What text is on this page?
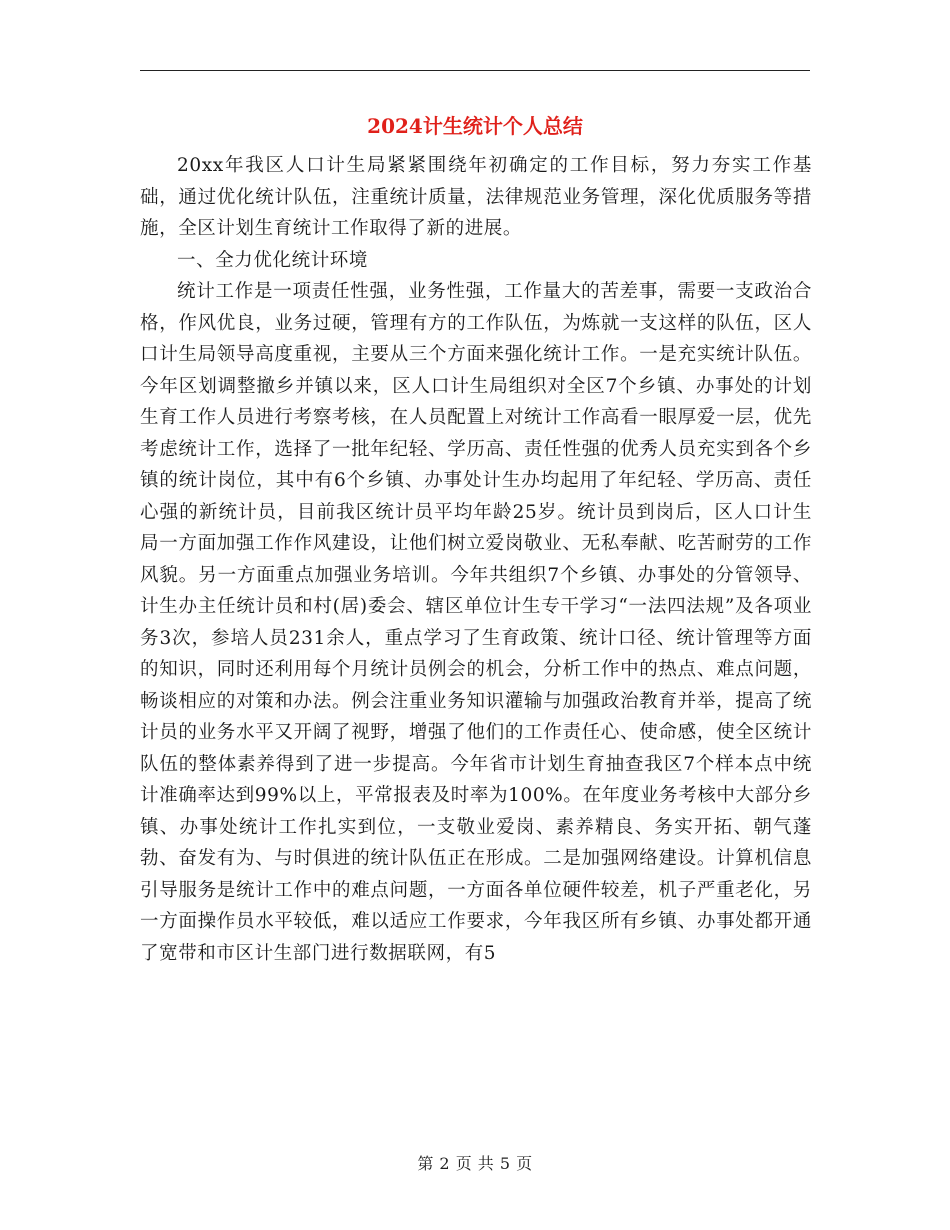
2024计生统计个人总结

20xx年我区人口计生局紧紧围绕年初确定的工作目标，努力夯实工作基础，通过优化统计队伍，注重统计质量，法律规范业务管理，深化优质服务等措施，全区计划生育统计工作取得了新的进展。

一、全力优化统计环境

统计工作是一项责任性强，业务性强，工作量大的苦差事，需要一支政治合格，作风优良，业务过硬，管理有方的工作队伍，为炼就一支这样的队伍，区人口计生局领导高度重视，主要从三个方面来强化统计工作。一是充实统计队伍。今年区划调整撤乡并镇以来，区人口计生局组织对全区7个乡镇、办事处的计划生育工作人员进行考察考核，在人员配置上对统计工作高看一眼厚爱一层，优先考虑统计工作，选择了一批年纪轻、学历高、责任性强的优秀人员充实到各个乡镇的统计岗位，其中有6个乡镇、办事处计生办均起用了年纪轻、学历高、责任心强的新统计员，目前我区统计员平均年龄25岁。统计员到岗后，区人口计生局一方面加强工作作风建设，让他们树立爱岗敬业、无私奉献、吃苦耐劳的工作风貌。另一方面重点加强业务培训。今年共组织7个乡镇、办事处的分管领导、计生办主任统计员和村(居)委会、辖区单位计生专干学习“一法四法规”及各项业务3次，参培人员231余人，重点学习了生育政策、统计口径、统计管理等方面的知识，同时还利用每个月统计员例会的机会，分析工作中的热点、难点问题，畅谈相应的对策和办法。例会注重业务知识灌输与加强政治教育并举，提高了统计员的业务水平又开阔了视野，增强了他们的工作责任心、使命感，使全区统计队伍的整体素养得到了进一步提高。今年省市计划生育抽查我区7个样本点中统计准确率达到99%以上，平常报表及时率为100%。在年度业务考核中大部分乡镇、办事处统计工作扎实到位，一支敬业爱岗、素养精良、务实开拓、朝气蓬勃、奋发有为、与时俱进的统计队伍正在形成。二是加强网络建设。计算机信息引导服务是统计工作中的难点问题，一方面各单位硬件较差，机子严重老化，另一方面操作员水平较低，难以适应工作要求，今年我区所有乡镇、办事处都开通了宽带和市区计生部门进行数据联网，有5

第 2 页 共 5 页
